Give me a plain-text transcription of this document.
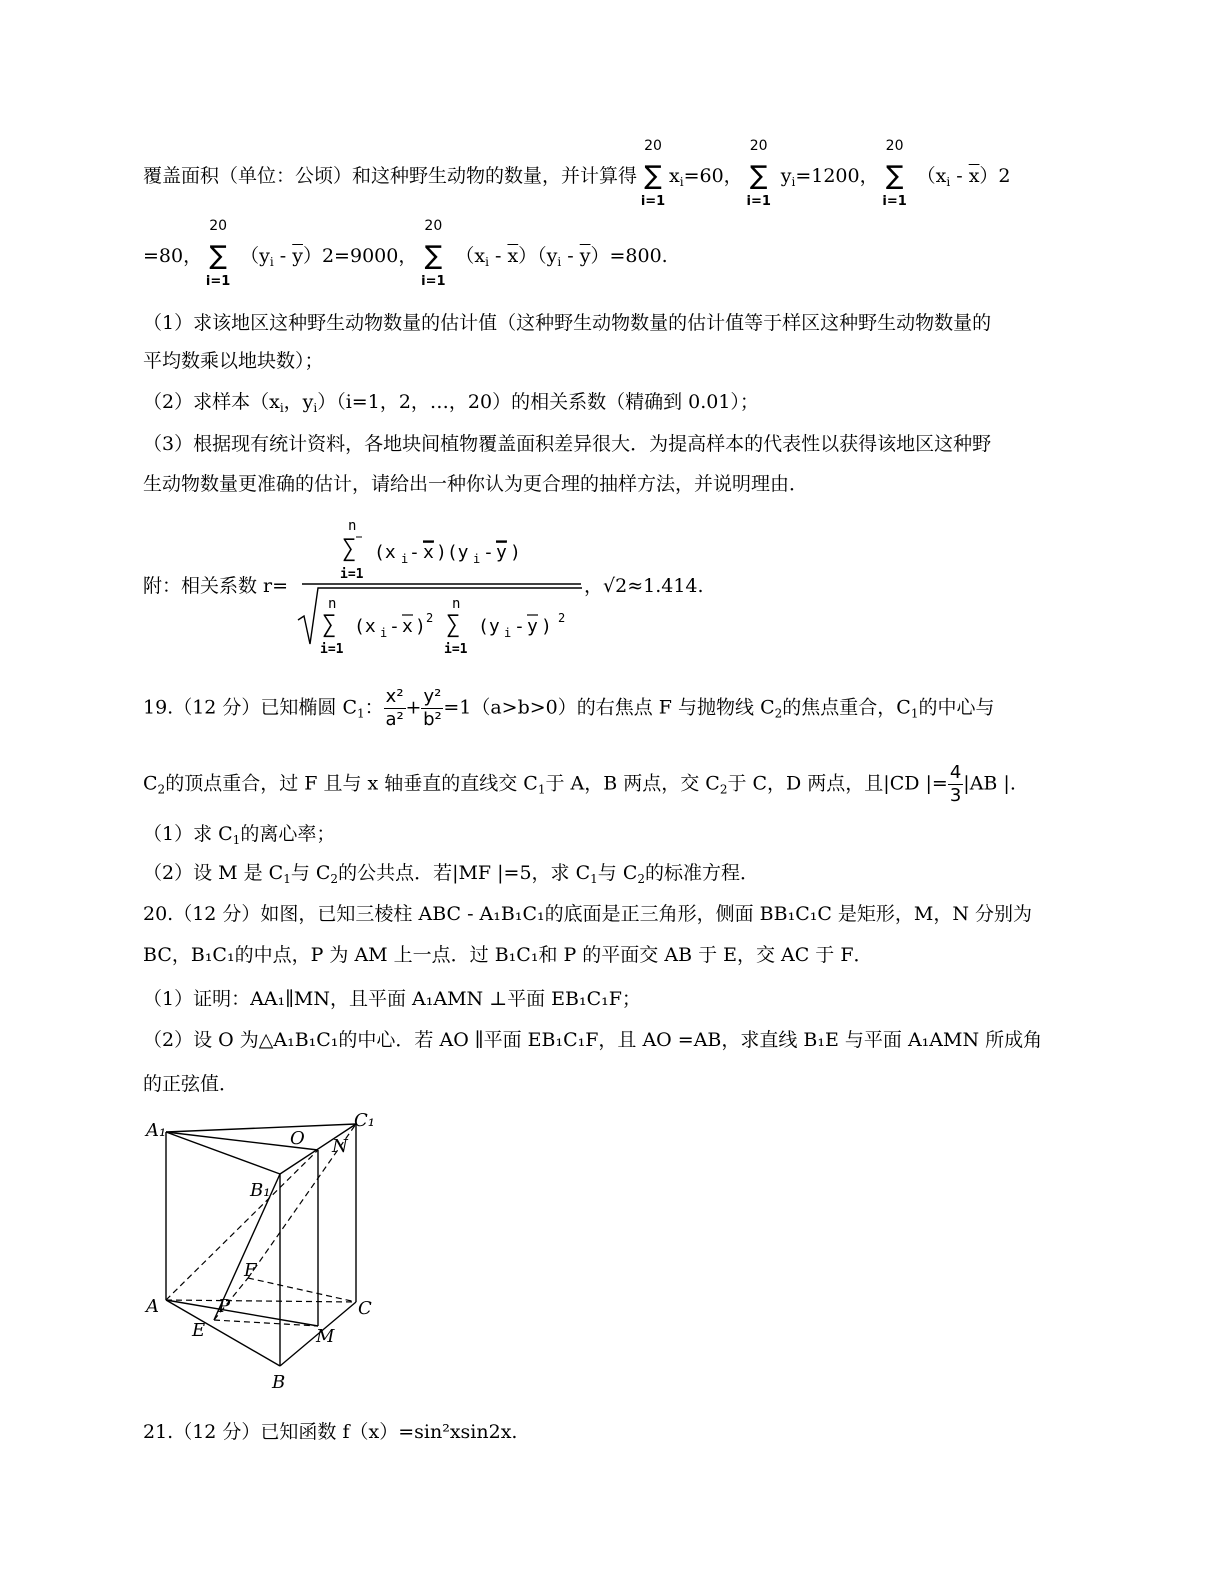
覆盖面积（单位：公顷）和这种野生动物的数量，并计算得
20
∑
i=1
$x_i=60$，
20
∑
i=1
$y_i=1200$，
20
∑
i=1
$(x_i - \overline{x})2$
=80，
20
∑
i=1
$(y_i - \overline{y})2=9000$，
20
∑
i=1
$(x_i - \overline{x})(y_i - \overline{y})=800$.
（1）求该地区这种野生动物数量的估计值（这种野生动物数量的估计值等于样区这种野生动物数量的
平均数乘以地块数）；
（2）求样本（$x_i$，$y_i)(i=1$，2，…，20）的相关系数（精确到 0.01）；
（3）根据现有统计资料，各地块间植物覆盖面积差异很大．为提高样本的代表性以获得该地区这种野
生动物数量更准确的估计，请给出一种你认为更合理的抽样方法，并说明理由．
附：相关系数 r=
n
∑
i=1
(x i - x )(y i - y )
n
∑
i=1
(x i - x ) 2
n
∑
i=1
(y i - y ) 2
，√2≈1.414.
19.（12 分）已知椭圆 $C_1$： $\frac{\text{x²}}{\text{a²}} + \frac{\text{y²}}{\text{b²}} =1(a>b>0)$的右焦点 F 与抛物线 $C_2$的焦点重合，$C_1$的中心与
$C_2$的顶点重合，过 F 且与 x 轴垂直的直线交 $C_1$于 A，B 两点，交 $C_2$于 C，D 两点，且|CD |= $\frac{4}{3} |AB$ |.
（1）求 $C_1$的离心率；
（2）设 M 是 $C_1$与 $C_2$的公共点．若|MF |=5，求 $C_1$与 $C_2$的标准方程．
20.（12 分）如图，已知三棱柱 ABC - A₁B₁C₁的底面是正三角形，侧面 BB₁C₁C 是矩形，M，N 分别为
BC，B₁C₁的中点，P 为 AM 上一点．过 B₁C₁和 P 的平面交 AB 于 E，交 AC 于 F．
（1）证明：AA₁∥MN，且平面 A₁AMN ⊥平面 EB₁C₁F；
（2）设 O 为△A₁B₁C₁的中心．若 AO ∥平面 EB₁C₁F，且 AO =AB，求直线 B₁E 与平面 A₁AMN 所成角
的正弦值．
A₁	O N
C₁
B₁
F
A	P
E
C
M
B
21.（12 分）已知函数 f（x）=sin²xsin2x.
